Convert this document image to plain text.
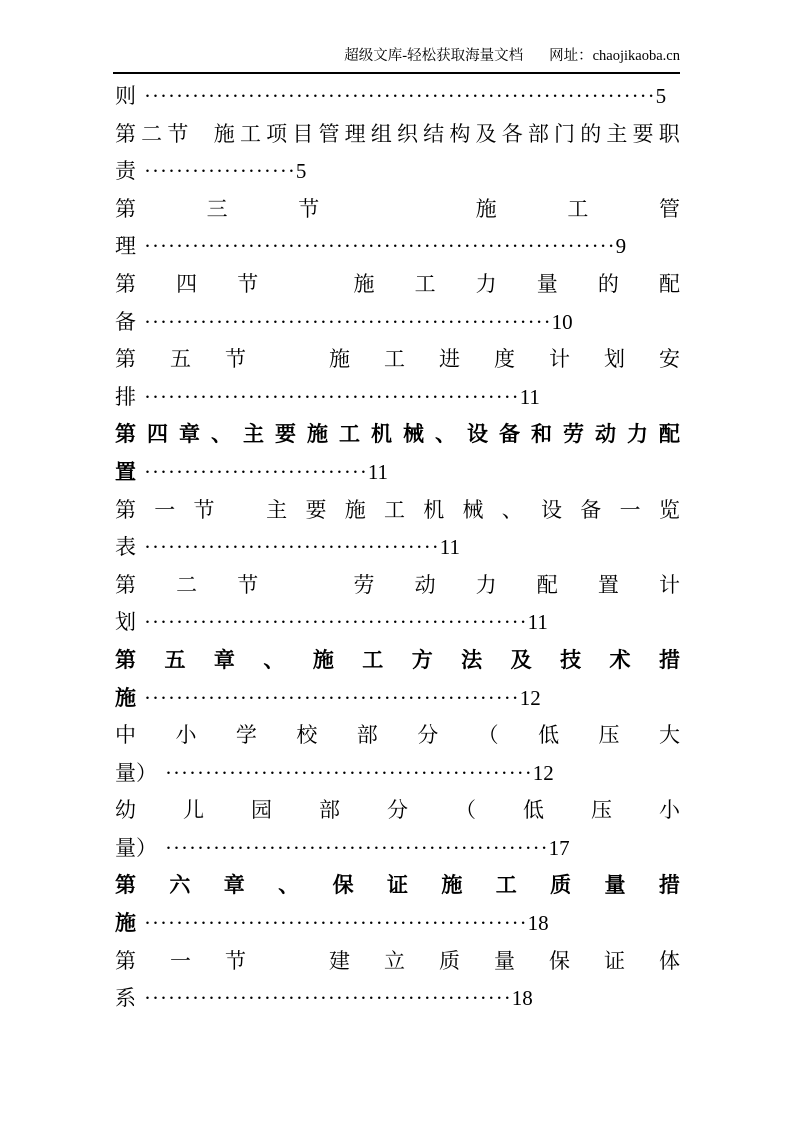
超级文库-轻松获取海量文档 网址：chaojikaoba.cn
则 ································································ 5
第 二 节
施 工 项 目 管 理 组 织 结 构 及 各 部 门 的 主 要 职
责 ··················· 5
第	三	节
	施	工	管
理 ··························································· 9
第 四 节
	施 工 力 量 的 配
备 ··················································· 10
第 五 节
	施 工 进 度 计 划 安
排 ··············································· 11
第 四 章 、 主 要 施 工 机 械 、 设 备 和 劳 动 力 配
置 ···························· 11
第 一 节
主 要 施 工 机 械 、 设 备 一 览
表 ····································· 11
第 二 节
	劳 动 力 配 置 计
划 ················································ 11
第 五 章 、 施 工 方 法 及 技 术 措
施 ··············································· 12
中 小 学 校 部 分 （ 低 压 大
量） ·············································· 12
幼 儿 园 部 分 （ 低 压 小
量） ················································ 17
第 六 章 、 保 证 施 工 质 量 措
施 ················································ 18
第 一 节
	建 立 质 量 保 证 体
系 ·············································· 18
